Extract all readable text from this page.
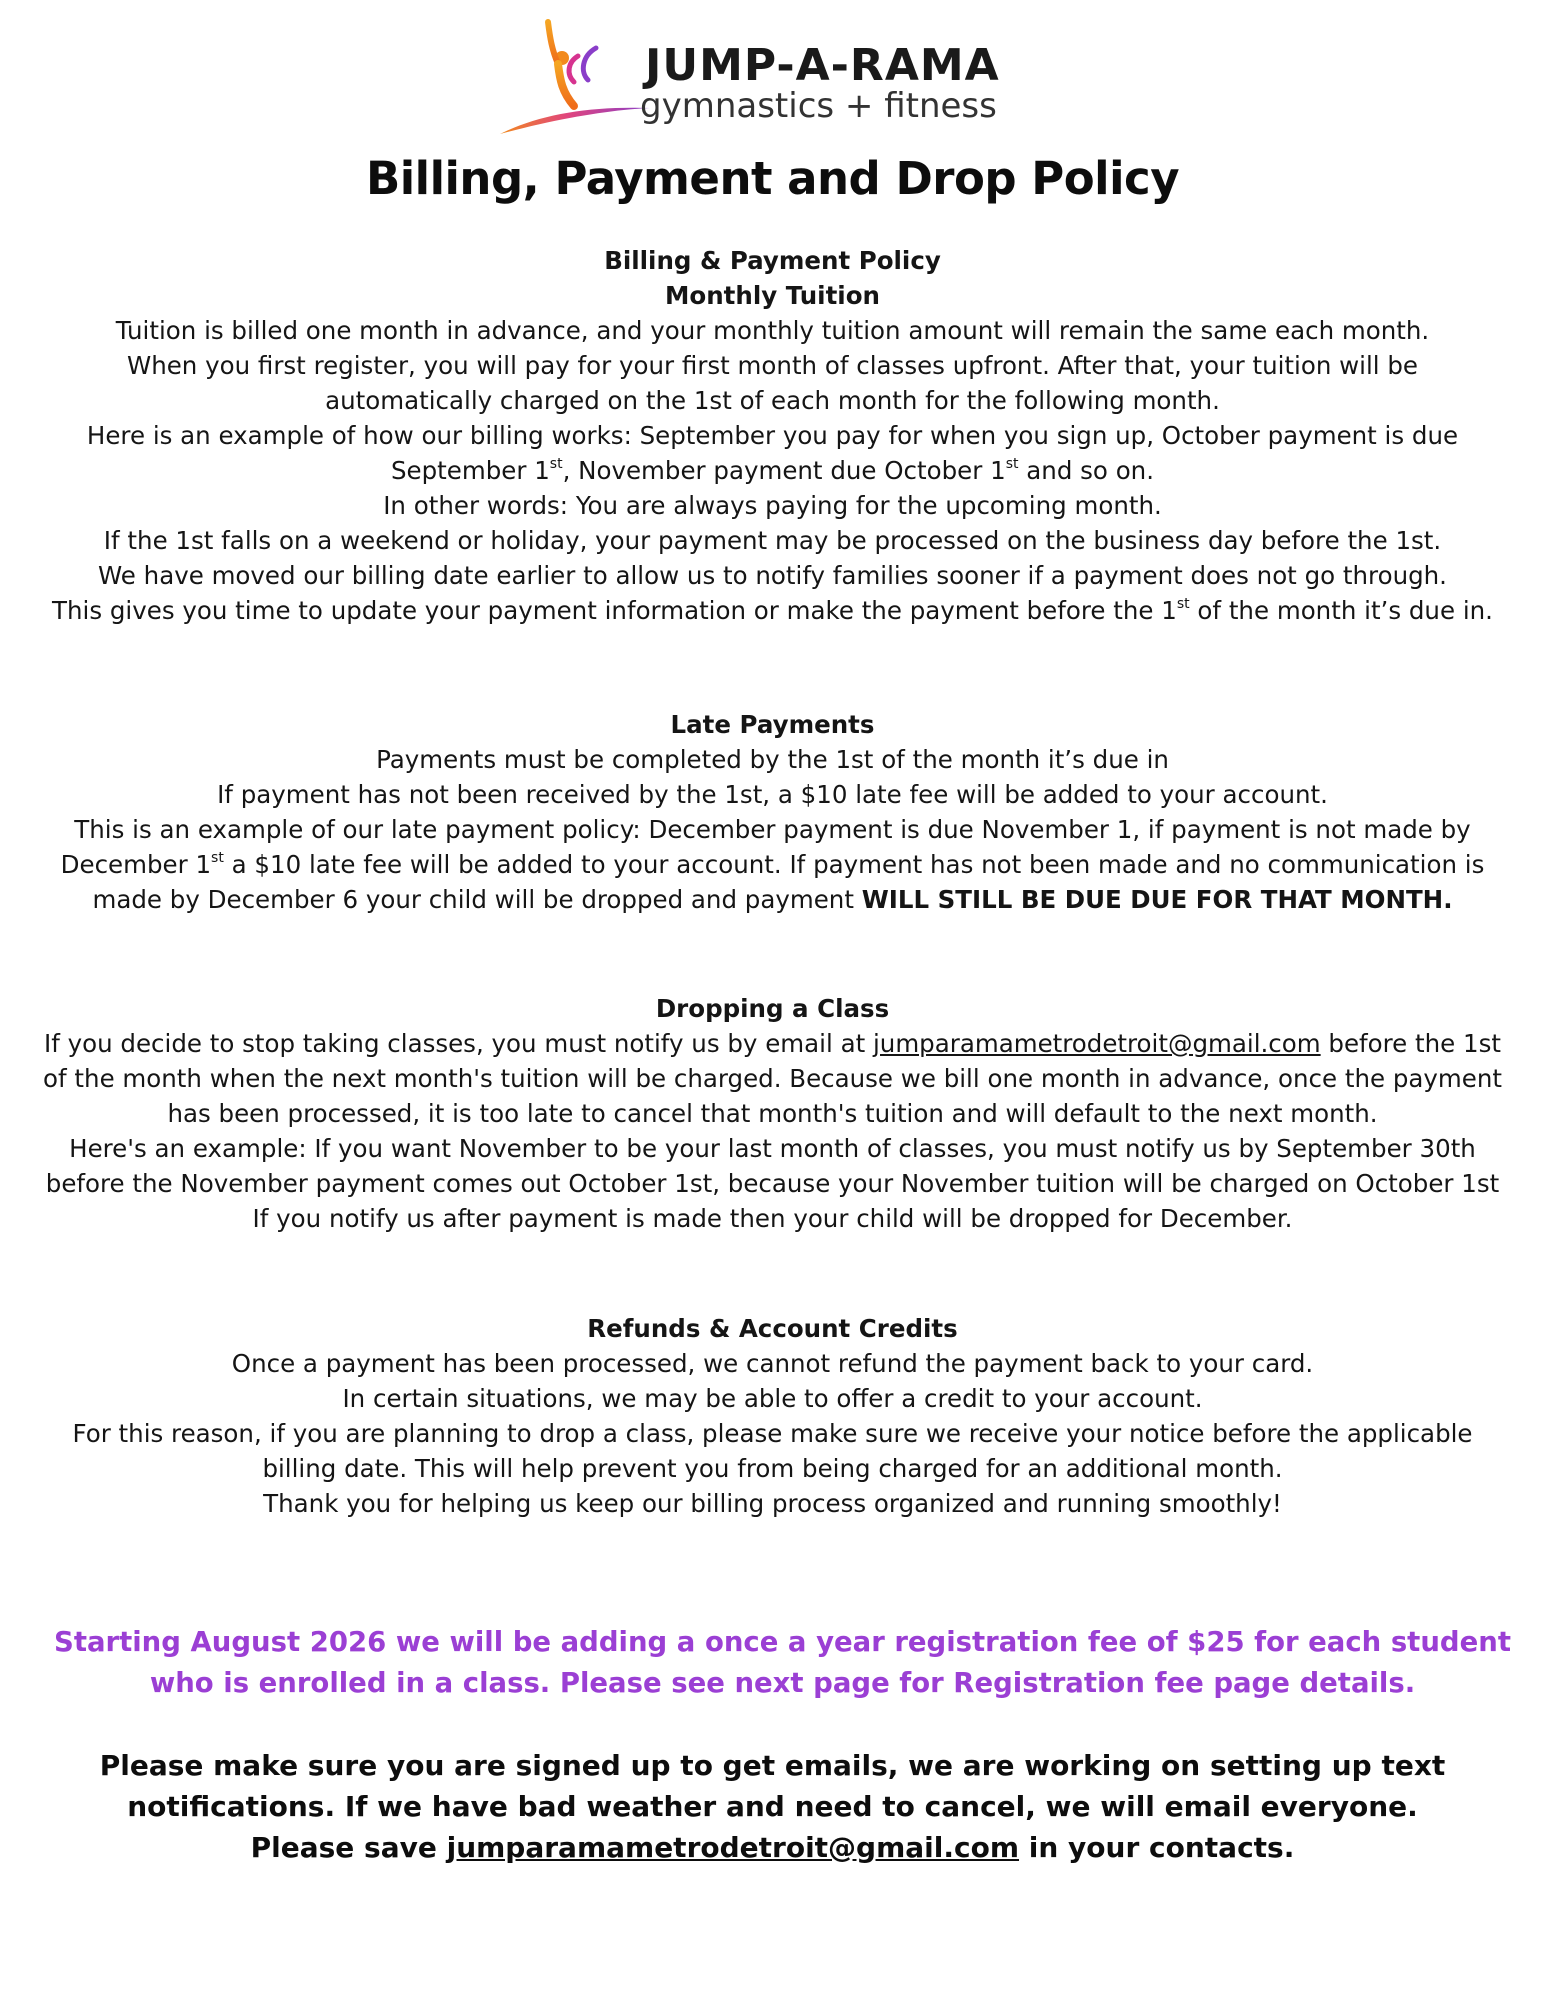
JUMP-A-RAMA
gymnastics + fitness
Billing, Payment and Drop Policy

Billing & Payment Policy

Monthly Tuition

Tuition is billed one month in advance, and your monthly tuition amount will remain the same each month.

When you first register, you will pay for your first month of classes upfront. After that, your tuition will be automatically charged on the 1st of each month for the following month.

Here is an example of how our billing works: September you pay for when you sign up, October payment is due September 1st, November payment due October 1st and so on.

In other words: You are always paying for the upcoming month.

If the 1st falls on a weekend or holiday, your payment may be processed on the business day before the 1st.

We have moved our billing date earlier to allow us to notify families sooner if a payment does not go through.

This gives you time to update your payment information or make the payment before the 1st of the month it’s due in.

Late Payments

Payments must be completed by the 1st of the month it’s due in

If payment has not been received by the 1st, a $10 late fee will be added to your account.

This is an example of our late payment policy: December payment is due November 1, if payment is not made by December 1st a $10 late fee will be added to your account. If payment has not been made and no communication is made by December 6 your child will be dropped and payment WILL STILL BE DUE DUE FOR THAT MONTH.

Dropping a Class

If you decide to stop taking classes, you must notify us by email at jumparamametrodetroit@gmail.com before the 1st of the month when the next month's tuition will be charged. Because we bill one month in advance, once the payment has been processed, it is too late to cancel that month's tuition and will default to the next month.

Here's an example: If you want November to be your last month of classes, you must notify us by September 30th before the November payment comes out October 1st, because your November tuition will be charged on October 1st If you notify us after payment is made then your child will be dropped for December.

Refunds & Account Credits

Once a payment has been processed, we cannot refund the payment back to your card.

In certain situations, we may be able to offer a credit to your account.

For this reason, if you are planning to drop a class, please make sure we receive your notice before the applicable billing date. This will help prevent you from being charged for an additional month.

Thank you for helping us keep our billing process organized and running smoothly!

Starting August 2026 we will be adding a once a year registration fee of $25 for each student who is enrolled in a class. Please see next page for Registration fee page details.

Please make sure you are signed up to get emails, we are working on setting up text notifications. If we have bad weather and need to cancel, we will email everyone.

Please save jumparamametrodetroit@gmail.com in your contacts.
